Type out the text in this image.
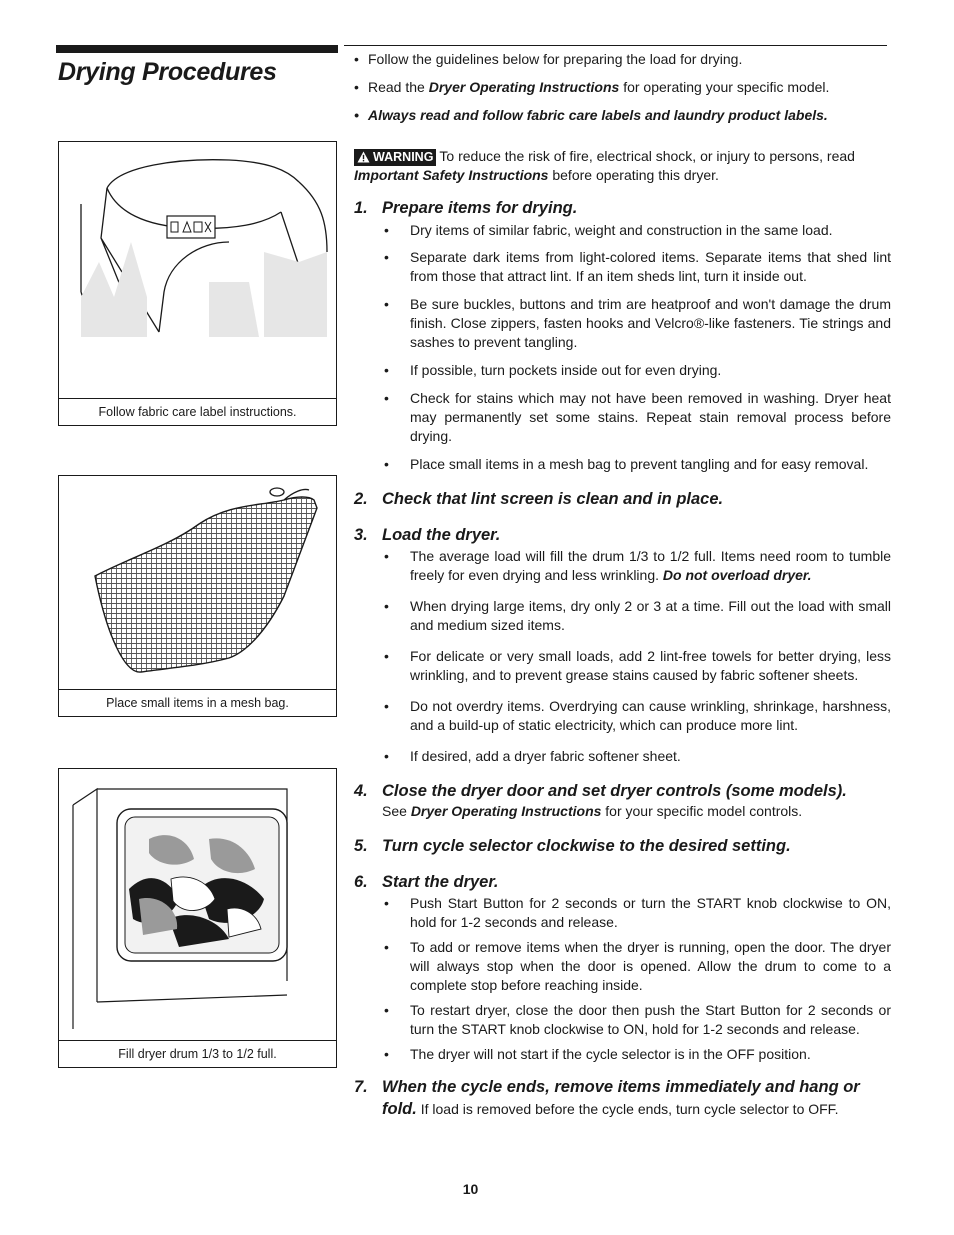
Drying Procedures
Follow fabric care label instructions.
Place small items in a mesh bag.
Fill dryer drum 1/3 to 1/2 full.
• Follow the guidelines below for preparing the load for drying.
• Read the Dryer Operating Instructions for operating your specific model.
• Always read and follow fabric care labels and laundry product labels.

WARNING To reduce the risk of fire, electrical shock, or injury to persons, read Important Safety Instructions before operating this dryer.

1. Prepare items for drying.
• Dry items of similar fabric, weight and construction in the same load.
• Separate dark items from light-colored items. Separate items that shed lint from those that attract lint. If an item sheds lint, turn it inside out.
• Be sure buckles, buttons and trim are heatproof and won't damage the drum finish. Close zippers, fasten hooks and Velcro®-like fasteners. Tie strings and sashes to prevent tangling.
• If possible, turn pockets inside out for even drying.
• Check for stains which may not have been removed in washing. Dryer heat may permanently set some stains. Repeat stain removal process before drying.
• Place small items in a mesh bag to prevent tangling and for easy removal.
2. Check that lint screen is clean and in place.
3. Load the dryer.
• The average load will fill the drum 1/3 to 1/2 full. Items need room to tumble freely for even drying and less wrinkling. Do not overload dryer.
• When drying large items, dry only 2 or 3 at a time. Fill out the load with small and medium sized items.
• For delicate or very small loads, add 2 lint-free towels for better drying, less wrinkling, and to prevent grease stains caused by fabric softener sheets.
• Do not overdry items. Overdrying can cause wrinkling, shrinkage, harshness, and a build-up of static electricity, which can produce more lint.
• If desired, add a dryer fabric softener sheet.
4. Close the dryer door and set dryer controls (some models).

See Dryer Operating Instructions for your specific model controls.

5. Turn cycle selector clockwise to the desired setting.
6. Start the dryer.
• Push Start Button for 2 seconds or turn the START knob clockwise to ON, hold for 1-2 seconds and release.
• To add or remove items when the dryer is running, open the door. The dryer will always stop when the door is opened. Allow the drum to come to a complete stop before reaching inside.
• To restart dryer, close the door then push the Start Button for 2 seconds or turn the START knob clockwise to ON, hold for 1-2 seconds and release.
• The dryer will not start if the cycle selector is in the OFF position.
7. When the cycle ends, remove items immediately and hang or fold. If load is removed before the cycle ends, turn cycle selector to OFF.
10
